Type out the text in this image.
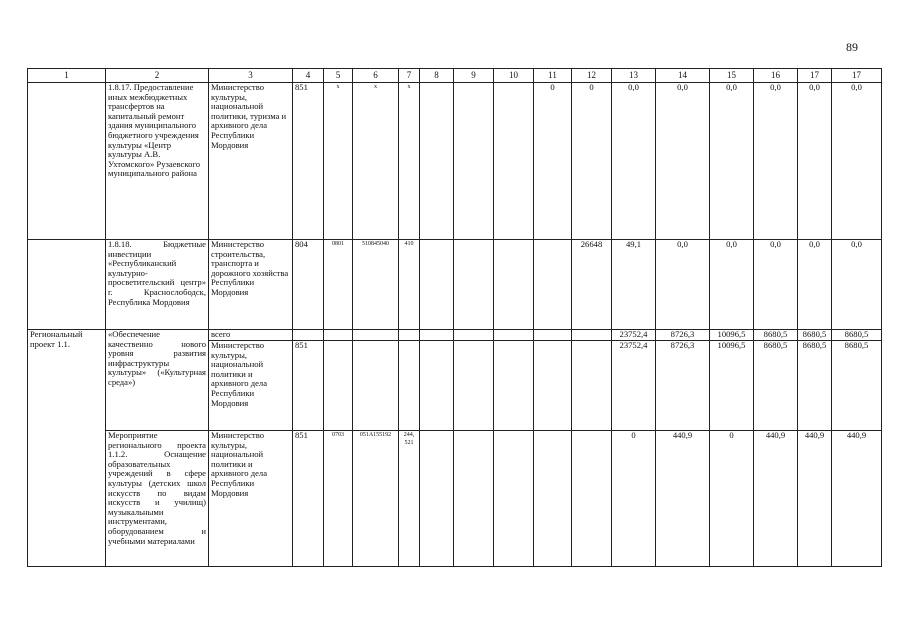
89
1	2	3	4	5	6	7	8	9	10	11	12	13	14	15	16	17	17
	1.8.17. Предоставление иных межбюджетных трансфертов на капитальный ремонт здания муниципального бюджетного учреждения культуры «Центр культуры А.В. Ухтомского» Рузаевского муниципального района	Министерство культуры, национальной политики, туризма и архивного дела Республики Мордовия	851	x	x	x				0	0	0,0	0,0	0,0	0,0	0,0	0,0
	1.8.18. Бюджетные инвестиции «Республиканский культурно-просветительский центр» г. Краснослободск, Республика Мордовия	Министерство строительства, транспорта и дорожного хозяйства Республики Мордовия	804	0801	510845040	410					26648	49,1	0,0	0,0	0,0	0,0	0,0
Региональный проект 1.1.	«Обеспечение качественно нового уровня развития инфраструктуры культуры» («Культурная среда»)	всего										23752,4	8726,3	10096,5	8680,5	8680,5	8680,5
		Министерство культуры, национальной политики и архивного дела Республики Мордовия	851									23752,4	8726,3	10096,5	8680,5	8680,5	8680,5
	Мероприятие регионального проекта 1.1.2. Оснащение образовательных учреждений в сфере культуры (детских школ искусств по видам искусств и училищ) музыкальными инструментами, оборудованием и учебными материалами	Министерство культуры, национальной политики и архивного дела Республики Мордовия	851	0703	051A155192	244, 521						0	440,9	0	440,9	440,9	440,9
